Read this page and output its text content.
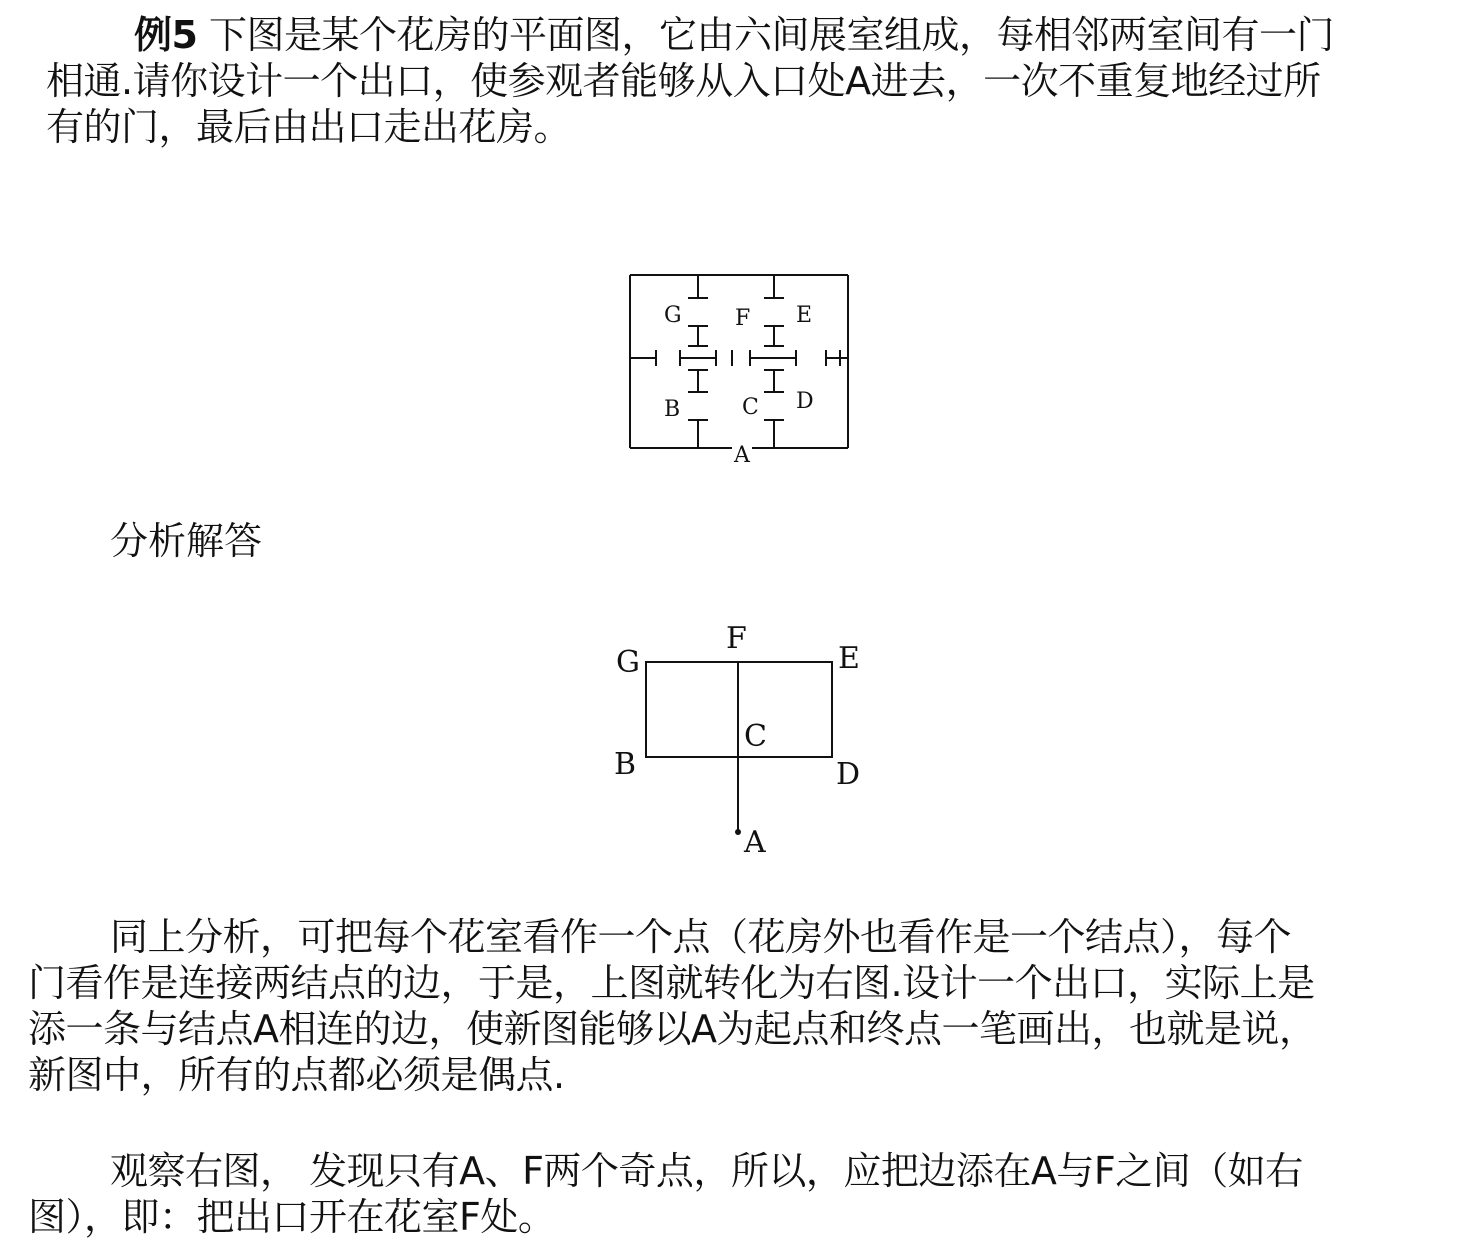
例5 下图是某个花房的平面图，它由六间展室组成，每相邻两室间有一门
相通.请你设计一个出口，使参观者能够从入口处A进去，一次不重复地经过所
有的门，最后由出口走出花房。

G F E
B	C D
A
G
F
E
B
C
D
A
分析解答

同上分析，可把每个花室看作一个点（花房外也看作是一个结点），每个
门看作是连接两结点的边，于是，上图就转化为右图.设计一个出口，实际上是
添一条与结点A相连的边，使新图能够以A为起点和终点一笔画出，也就是说，
新图中，所有的点都必须是偶点.

观察右图， 发现只有A、F两个奇点，所以，应把边添在A与F之间（如右
图），即：把出口开在花室F处。
